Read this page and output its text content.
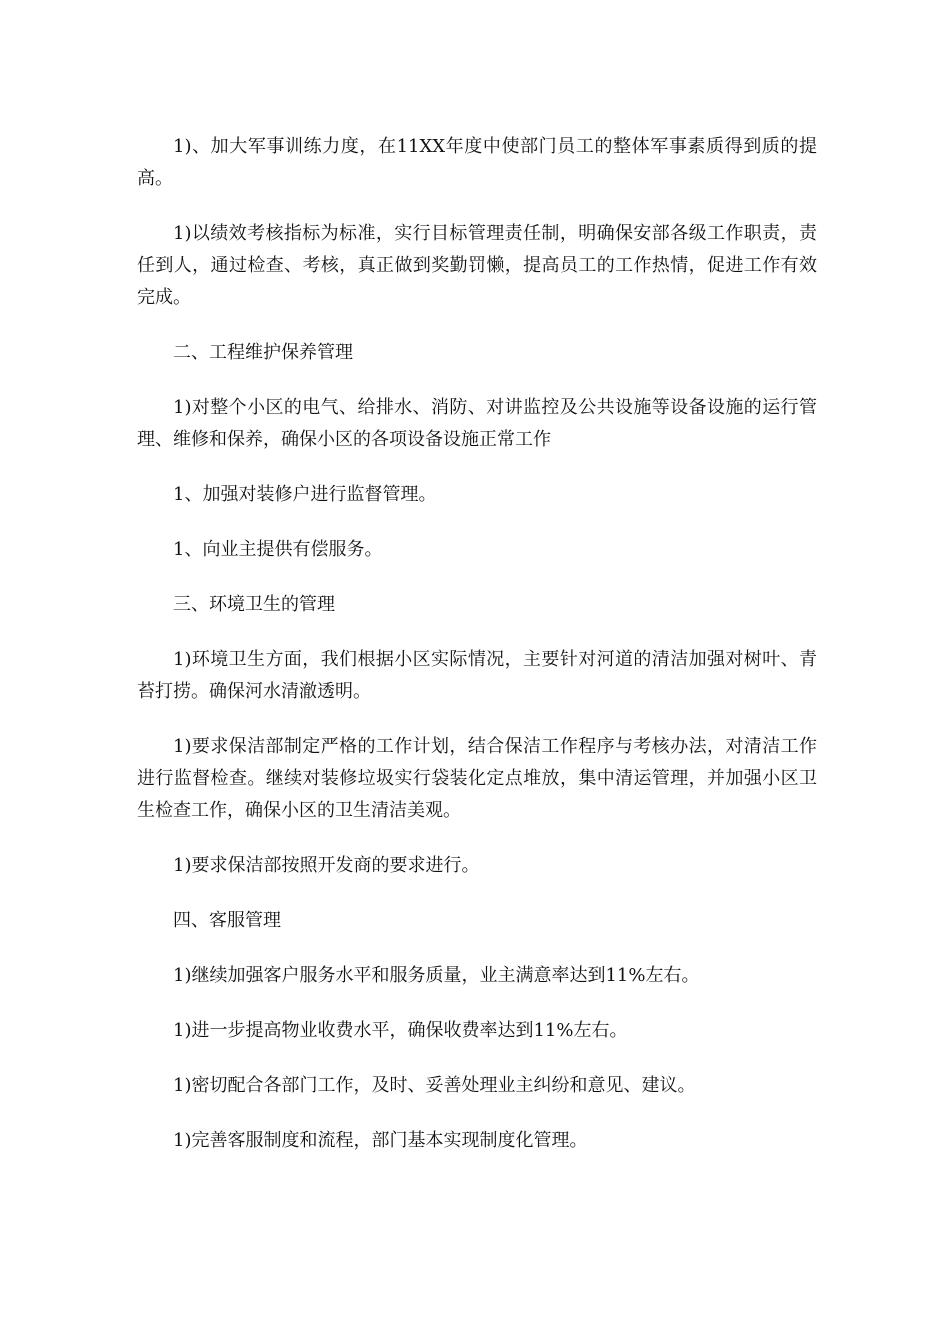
1)、加大军事训练力度，在11XX年度中使部门员工的整体军事素质得到质的提高。

1)以绩效考核指标为标准，实行目标管理责任制，明确保安部各级工作职责，责任到人，通过检查、考核，真正做到奖勤罚懒，提高员工的工作热情，促进工作有效完成。

二、工程维护保养管理

1)对整个小区的电气、给排水、消防、对讲监控及公共设施等设备设施的运行管理、维修和保养，确保小区的各项设备设施正常工作

1、加强对装修户进行监督管理。

1、向业主提供有偿服务。

三、环境卫生的管理

1)环境卫生方面，我们根据小区实际情况，主要针对河道的清洁加强对树叶、青苔打捞。确保河水清澈透明。

1)要求保洁部制定严格的工作计划，结合保洁工作程序与考核办法，对清洁工作进行监督检查。继续对装修垃圾实行袋装化定点堆放，集中清运管理，并加强小区卫生检查工作，确保小区的卫生清洁美观。

1)要求保洁部按照开发商的要求进行。

四、客服管理

1)继续加强客户服务水平和服务质量，业主满意率达到11%左右。

1)进一步提高物业收费水平，确保收费率达到11%左右。

1)密切配合各部门工作，及时、妥善处理业主纠纷和意见、建议。

1)完善客服制度和流程，部门基本实现制度化管理。
